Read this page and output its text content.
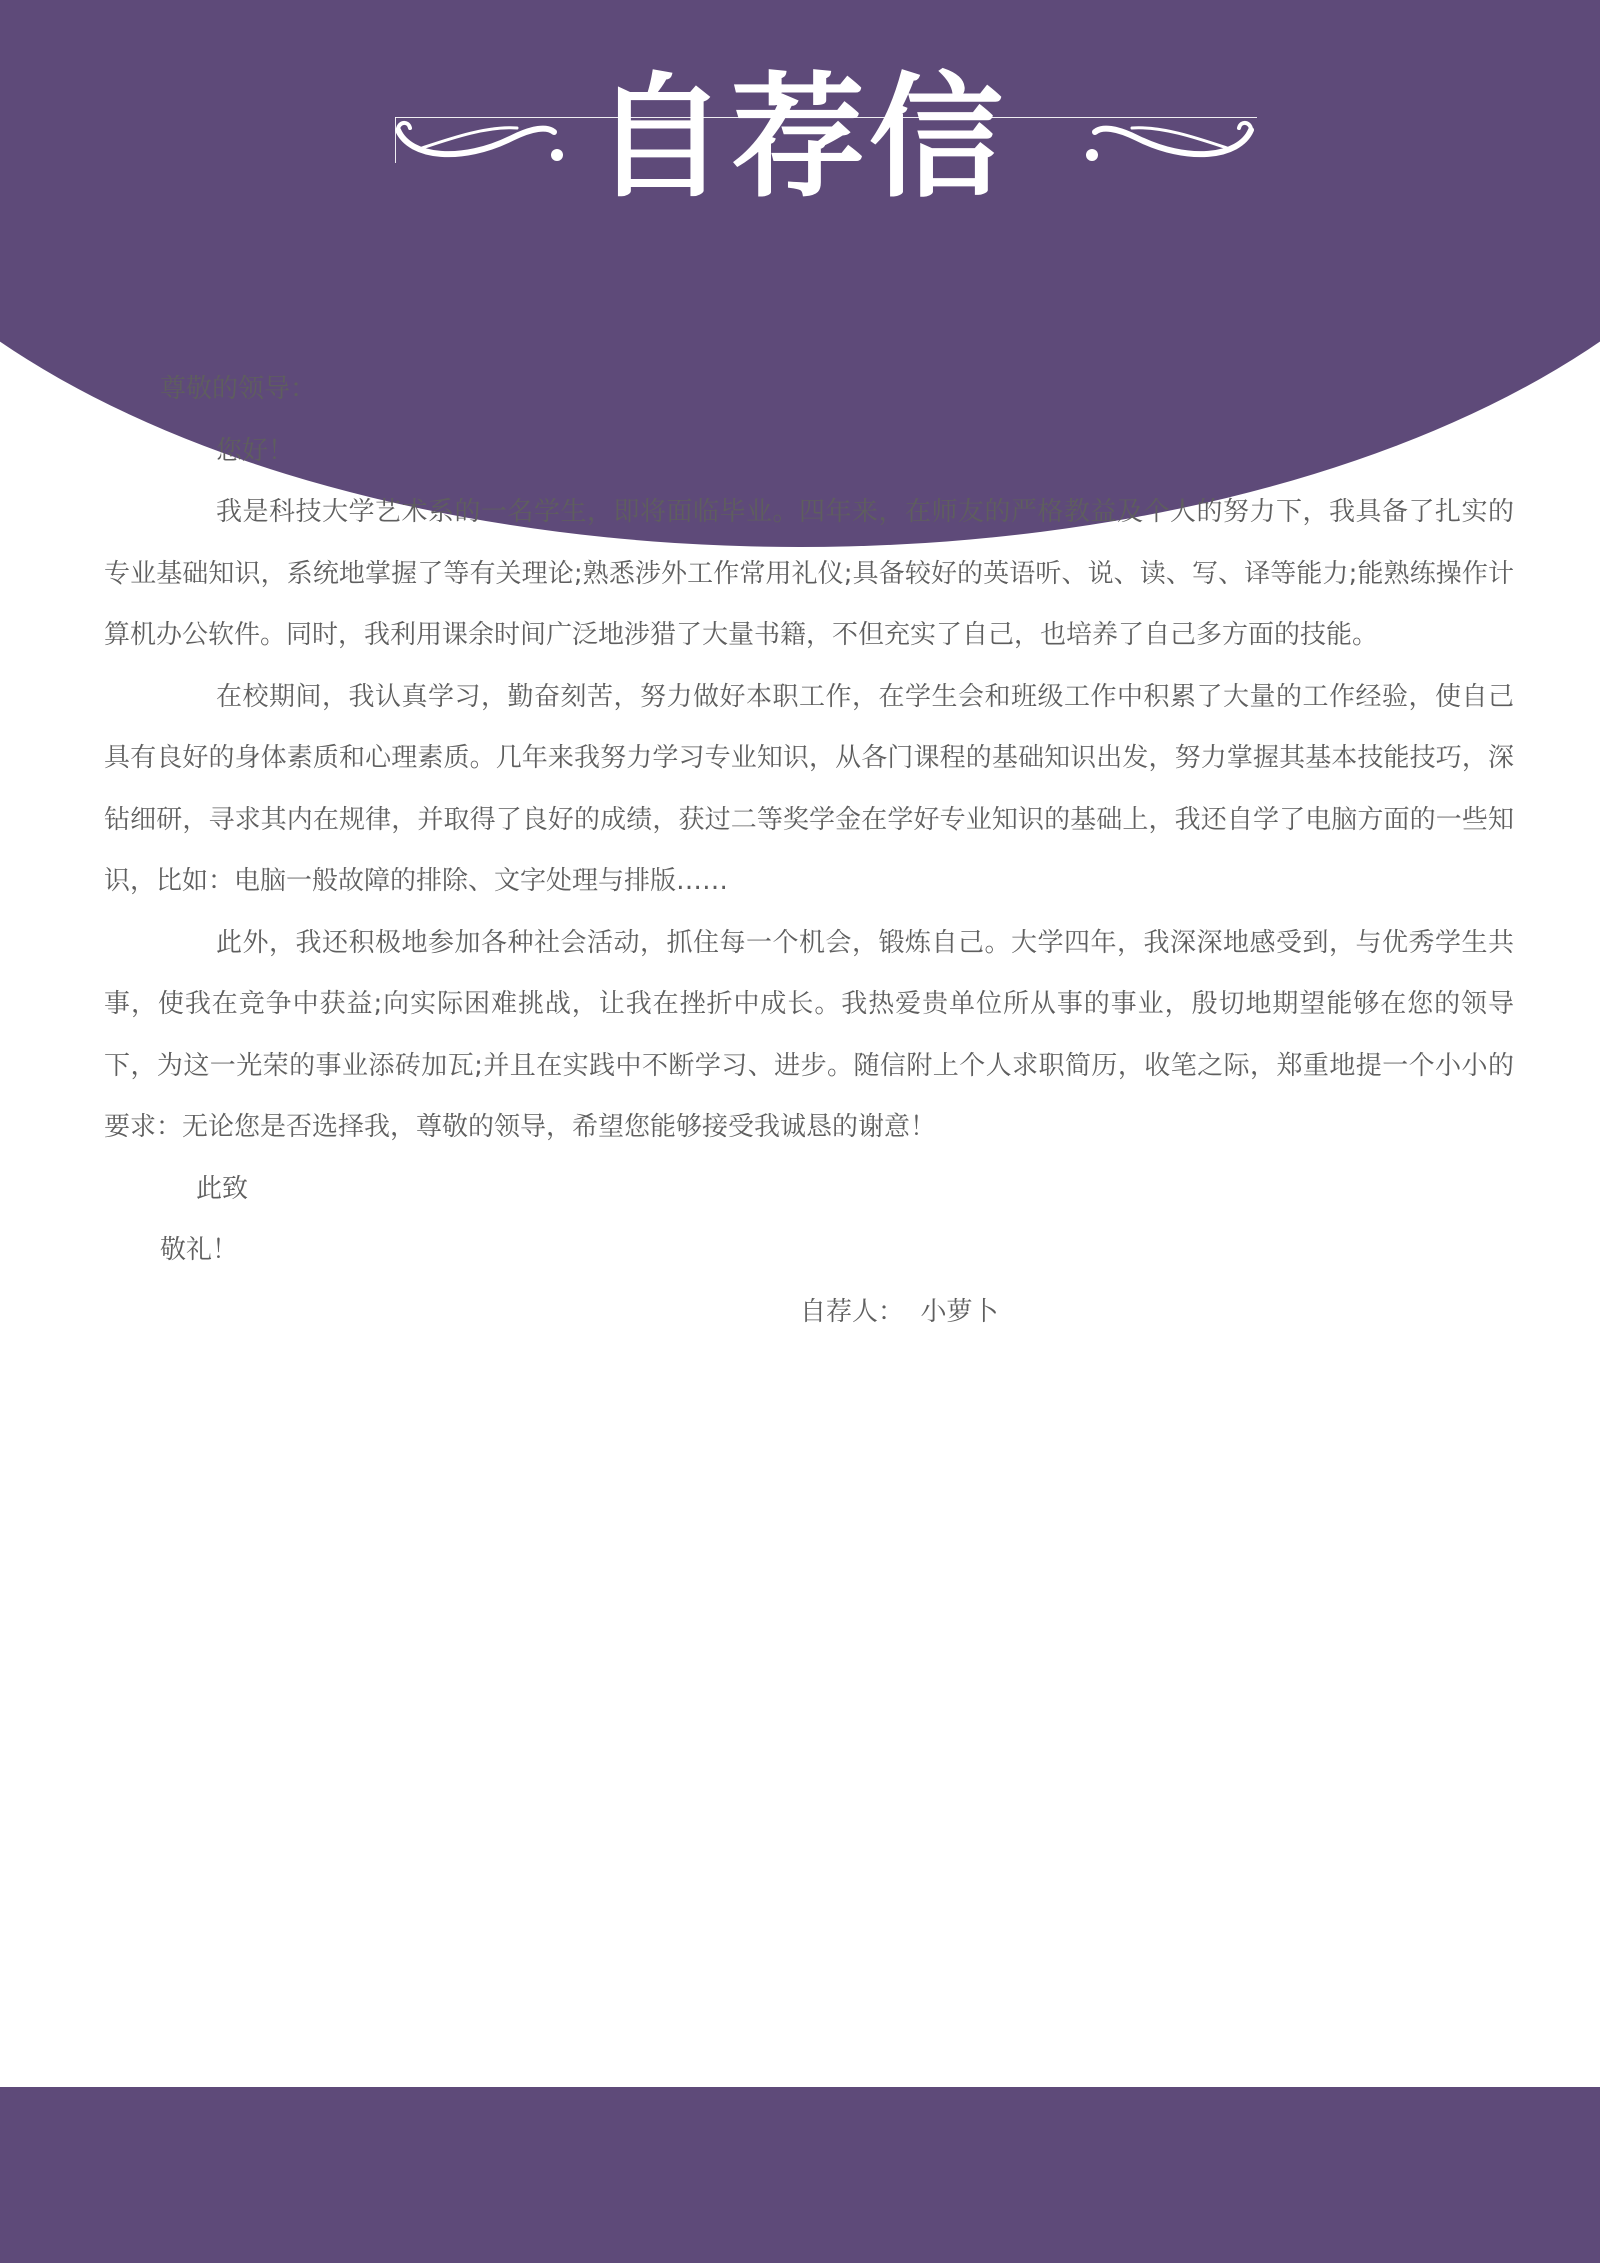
自荐信

尊敬的领导：

您好！

我是科技大学艺术系的一名学生，即将面临毕业。四年来，在师友的严格教益及个人的努力下，我具备了扎实的专业基础知识，系统地掌握了等有关理论;熟悉涉外工作常用礼仪;具备较好的英语听、说、读、写、译等能力;能熟练操作计算机办公软件。同时，我利用课余时间广泛地涉猎了大量书籍，不但充实了自己，也培养了自己多方面的技能。

在校期间，我认真学习，勤奋刻苦，努力做好本职工作，在学生会和班级工作中积累了大量的工作经验，使自己具有良好的身体素质和心理素质。几年来我努力学习专业知识，从各门课程的基础知识出发，努力掌握其基本技能技巧，深钻细研，寻求其内在规律，并取得了良好的成绩，获过二等奖学金在学好专业知识的基础上，我还自学了电脑方面的一些知识，比如：电脑一般故障的排除、文字处理与排版……

此外，我还积极地参加各种社会活动，抓住每一个机会，锻炼自己。大学四年，我深深地感受到，与优秀学生共事，使我在竞争中获益;向实际困难挑战，让我在挫折中成长。我热爱贵单位所从事的事业，殷切地期望能够在您的领导下，为这一光荣的事业添砖加瓦;并且在实践中不断学习、进步。随信附上个人求职简历，收笔之际，郑重地提一个小小的要求：无论您是否选择我，尊敬的领导，希望您能够接受我诚恳的谢意！

此致

敬礼！

自荐人：  小萝卜
